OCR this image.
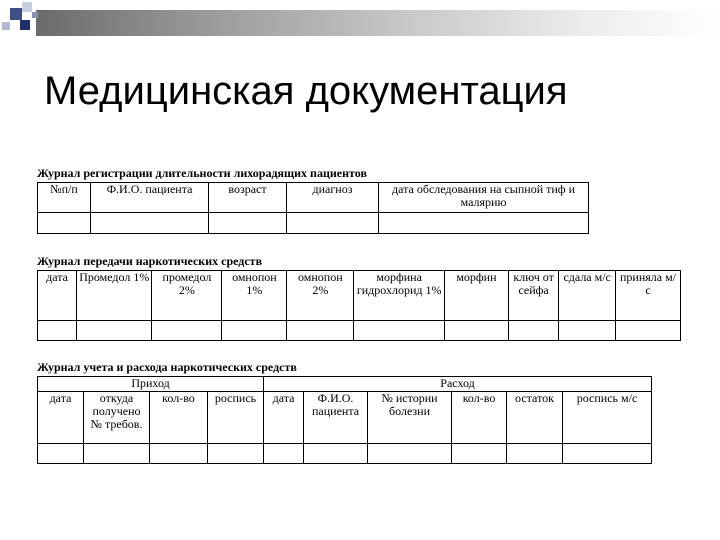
Медицинская документация
Журнал регистрации длительности лихорадящих пациентов
№п/п	Ф.И.О. пациента	возраст	диагноз	дата обследования на сыпной тиф и малярию

Журнал передачи наркотических средств
дата	Промедол 1%	промедол 2%	омнопон 1%	омнопон 2%	морфина гидрохлорид 1%	морфин	ключ от сейфа	сдала м/с	приняла м/с

Журнал учета и расхода наркотических средств
Приход				Расход					
дата	откуда получено № требов.	кол-во	роспись	дата	Ф.И.О. пациента	№ истории болезни	кол-во	остаток	роспись м/с
